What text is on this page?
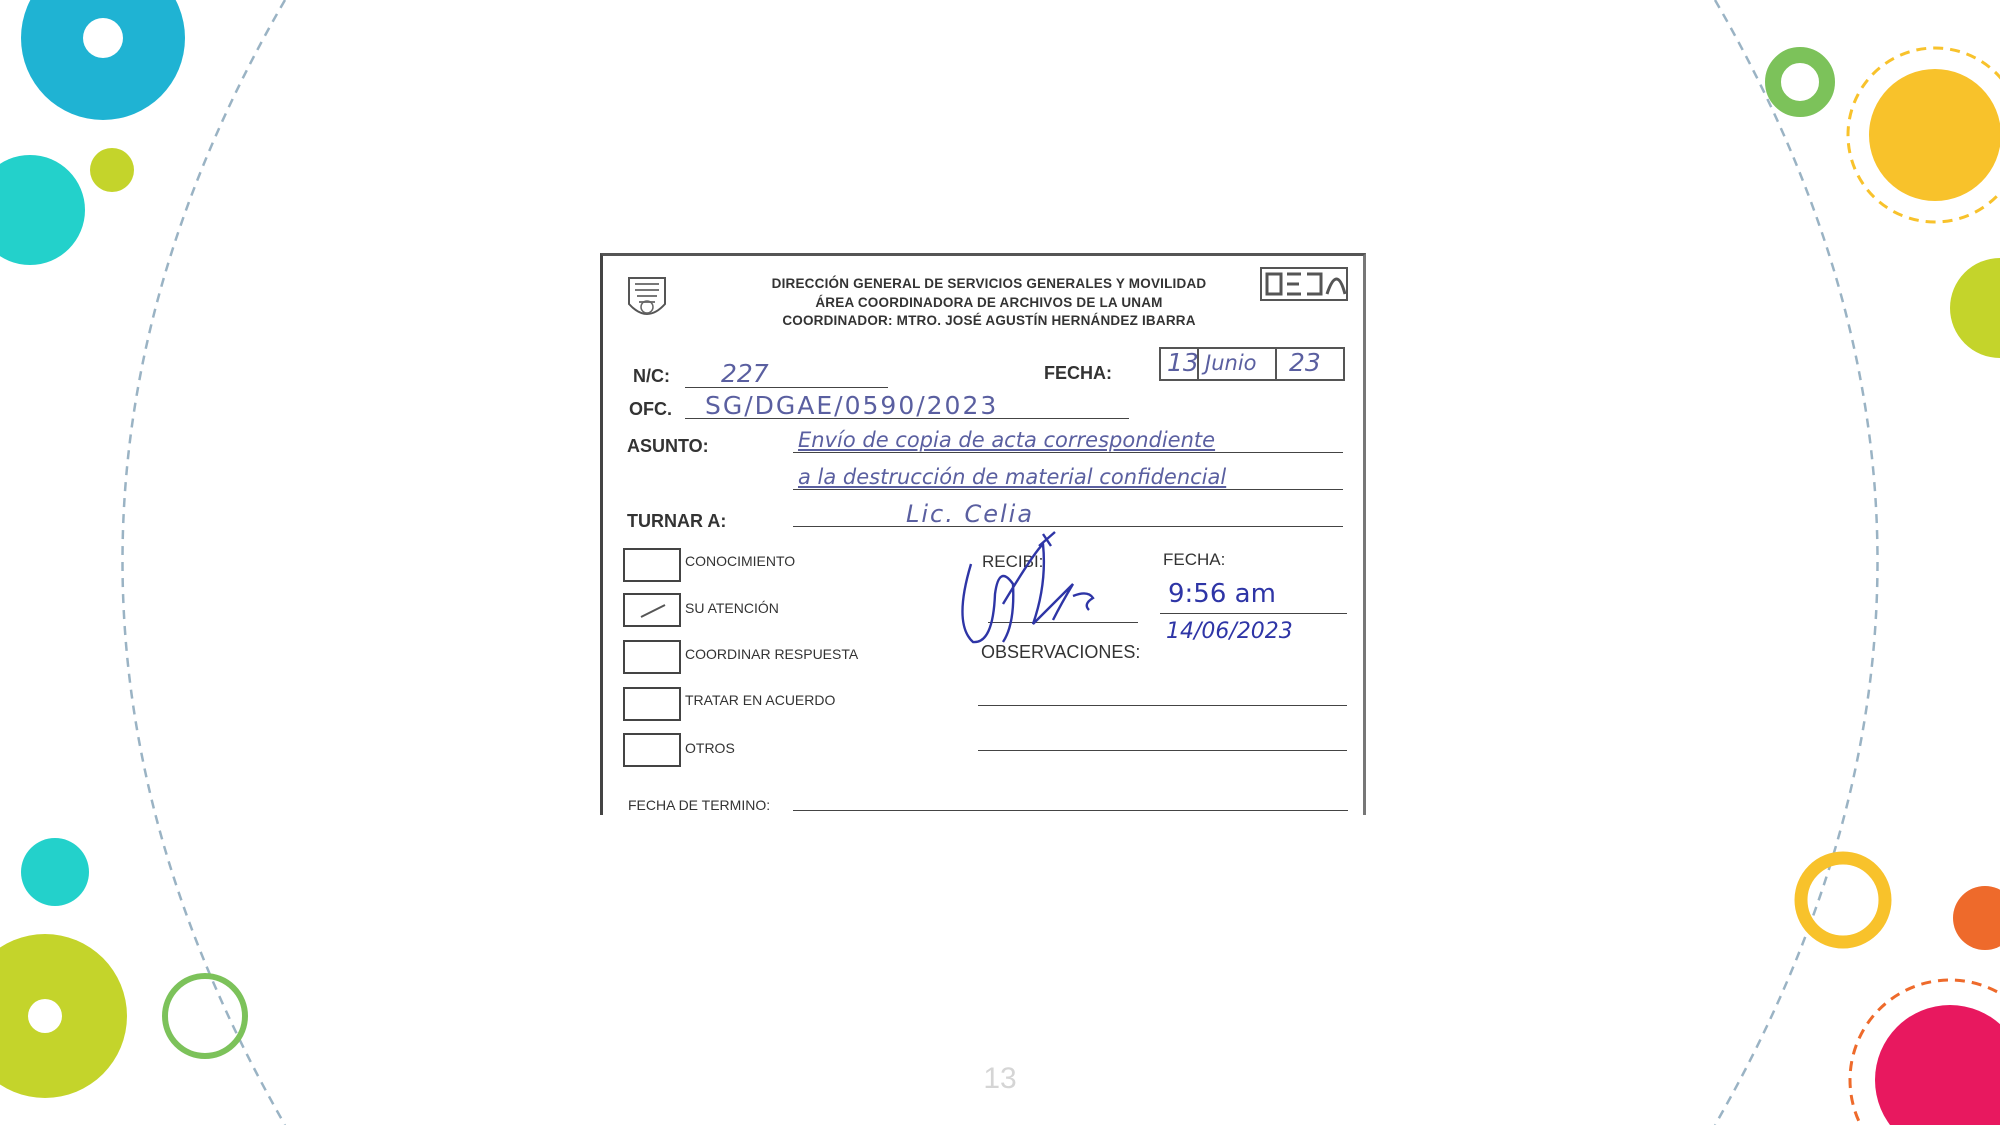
DIRECCIÓN GENERAL DE SERVICIOS GENERALES Y MOVILIDAD
ÁREA COORDINADORA DE ARCHIVOS DE LA UNAM
COORDINADOR: MTRO. JOSÉ AGUSTÍN HERNÁNDEZ IBARRA
N/C: 227	FECHA: 13 Junio 23
OFC. SG/DGAE/0590/2023
ASUNTO:	Envío de copia de acta correspondiente
a la destrucción de material confidencial
TURNAR A:	Lic. Celia
CONOCIMIENTO
SU ATENCIÓN
COORDINAR RESPUESTA
TRATAR EN ACUERDO
OTROS
RECIBI:	FECHA:
9:56 am
14/06/2023
OBSERVACIONES:
FECHA DE TERMINO:
13
